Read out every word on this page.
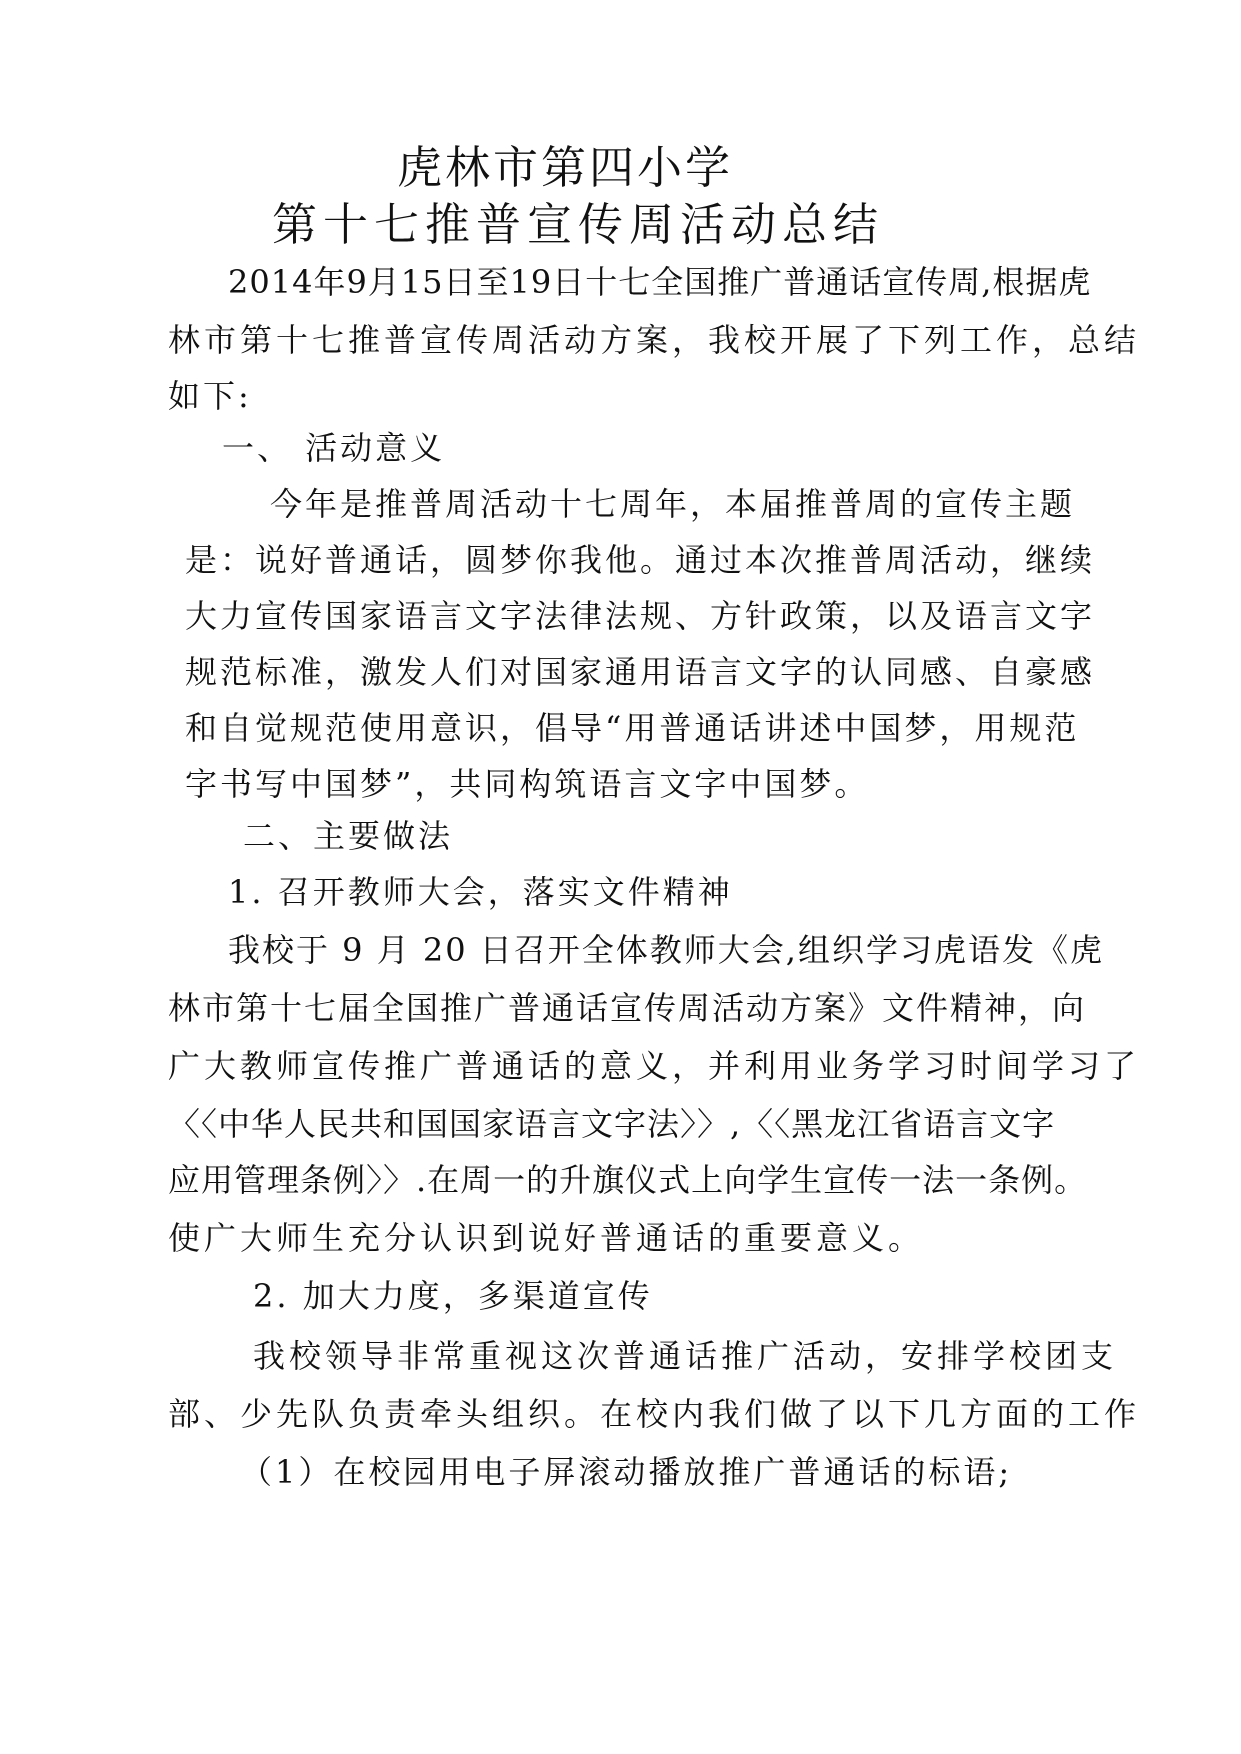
虎林市第四小学
第十七推普宣传周活动总结
2014年9月15日至19日十七全国推广普通话宣传周,根据虎
林市第十七推普宣传周活动方案，我校开展了下列工作，总结
如下:
一、 活动意义
今年是推普周活动十七周年，本届推普周的宣传主题
是：说好普通话，圆梦你我他。通过本次推普周活动，继续
大力宣传国家语言文字法律法规、方针政策，以及语言文字
规范标准，激发人们对国家通用语言文字的认同感、自豪感
和自觉规范使用意识，倡导“用普通话讲述中国梦，用规范
字书写中国梦”，共同构筑语言文字中国梦。
二、主要做法
1. 召开教师大会，落实文件精神
我校于 9 月 20 日召开全体教师大会,组织学习虎语发《虎
林市第十七届全国推广普通话宣传周活动方案》文件精神，向
广大教师宣传推广普通话的意义，并利用业务学习时间学习了
〈〈中华人民共和国国家语言文字法〉〉,〈〈黑龙江省语言文字
应用管理条例〉〉.在周一的升旗仪式上向学生宣传一法一条例。
使广大师生充分认识到说好普通话的重要意义。
2. 加大力度，多渠道宣传
我校领导非常重视这次普通话推广活动，安排学校团支
部、少先队负责牵头组织。在校内我们做了以下几方面的工作
（1）在校园用电子屏滚动播放推广普通话的标语;
